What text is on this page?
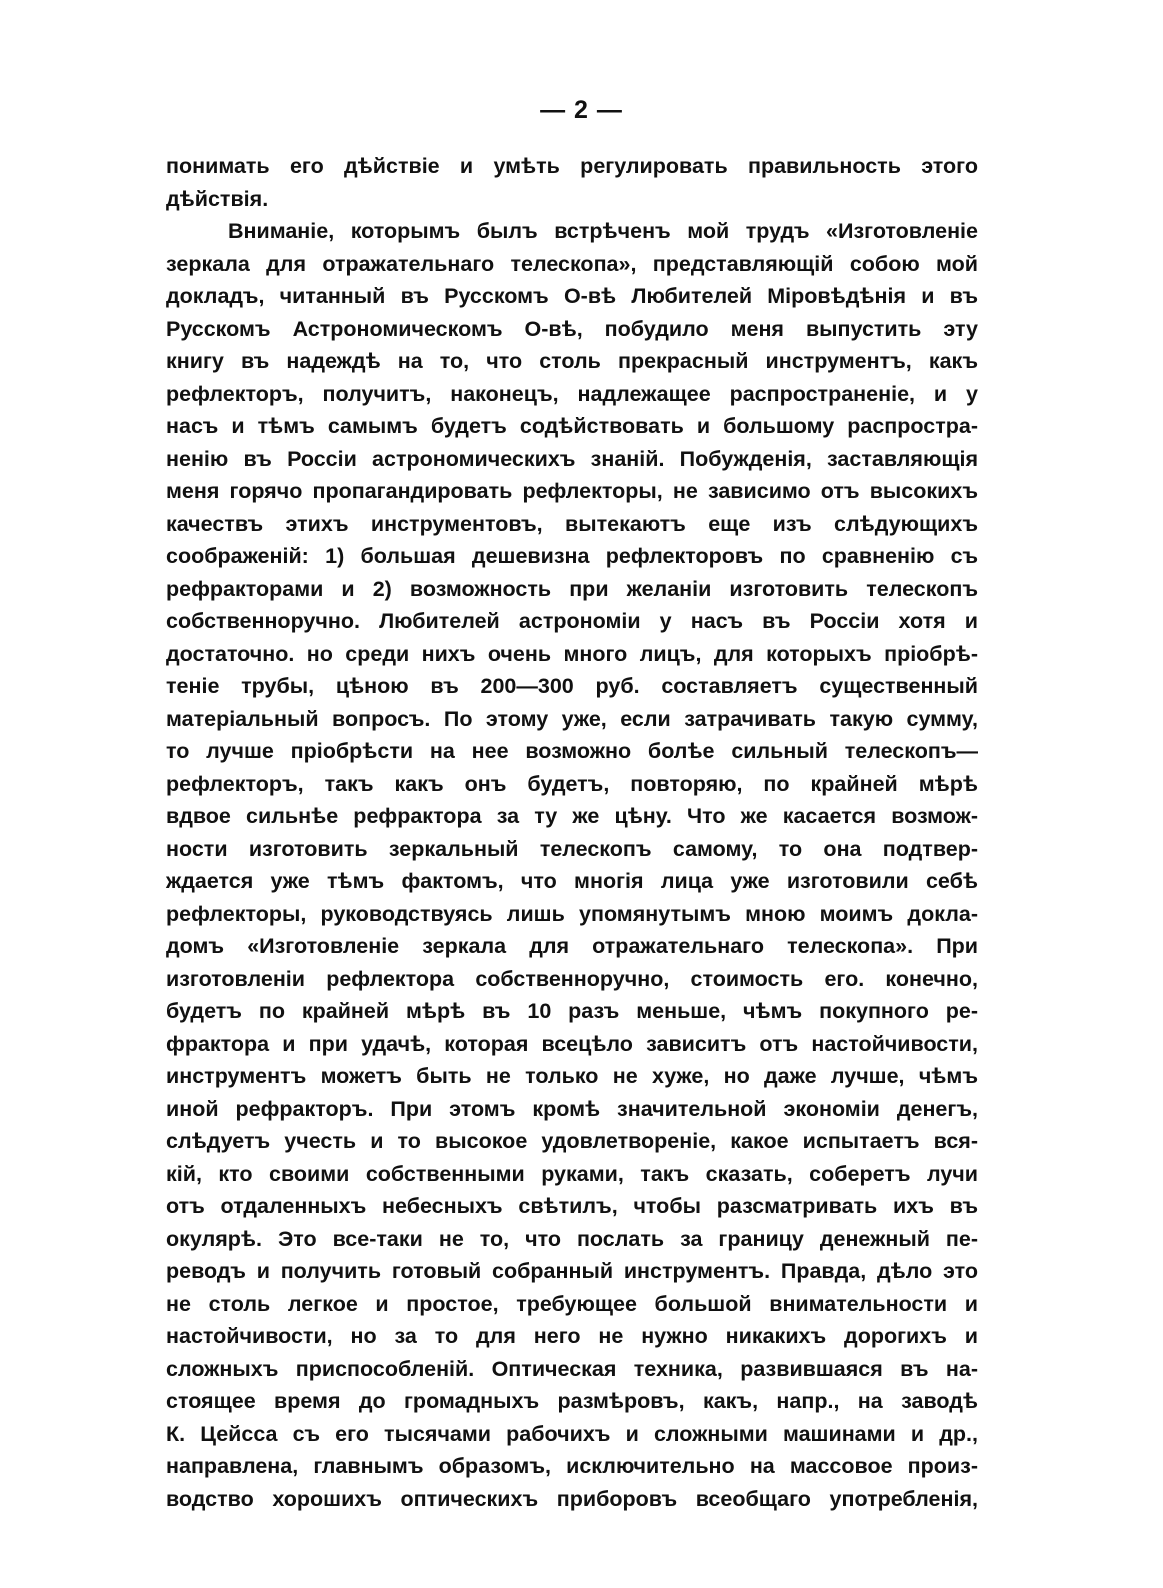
— 2 —
понимать его дѣйствіе и умѣть регулировать правильность этого
дѣйствія.
Вниманіе, которымъ былъ встрѣченъ мой трудъ «Изготовленіе
зеркала для отражательнаго телескопа», представляющій собою мой
докладъ, читанный въ Русскомъ О-вѣ Любителей Міровѣдѣнія и въ
Русскомъ Астрономическомъ О-вѣ, побудило меня выпустить эту
книгу въ надеждѣ на то, что столь прекрасный инструментъ, какъ
рефлекторъ, получитъ, наконецъ, надлежащее распространеніе, и у
насъ и тѣмъ самымъ будетъ содѣйствовать и большому распростра-
ненію въ Россіи астрономическихъ знаній. Побужденія, заставляющія
меня горячо пропагандировать рефлекторы, не зависимо отъ высокихъ
качествъ этихъ инструментовъ, вытекаютъ еще изъ слѣдующихъ
соображеній: 1) большая дешевизна рефлекторовъ по сравненію съ
рефракторами и 2) возможность при желаніи изготовить телескопъ
собственноручно. Любителей астрономіи у насъ въ Россіи хотя и
достаточно. но среди нихъ очень много лицъ, для которыхъ пріобрѣ-
теніе трубы, цѣною въ 200—300 руб. составляетъ существенный
матеріальный вопросъ. По этому уже, если затрачивать такую сумму,
то лучше пріобрѣсти на нее возможно болѣе сильный телескопъ—
рефлекторъ, такъ какъ онъ будетъ, повторяю, по крайней мѣрѣ
вдвое сильнѣе рефрактора за ту же цѣну. Что же касается возмож-
ности изготовить зеркальный телескопъ самому, то она подтвер-
ждается уже тѣмъ фактомъ, что многія лица уже изготовили себѣ
рефлекторы, руководствуясь лишь упомянутымъ мною моимъ докла-
домъ «Изготовленіе зеркала для отражательнаго телескопа». При
изготовленіи рефлектора собственноручно, стоимость его. конечно,
будетъ по крайней мѣрѣ въ 10 разъ меньше, чѣмъ покупного ре-
фрактора и при удачѣ, которая всецѣло зависитъ отъ настойчивости,
инструментъ можетъ быть не только не хуже, но даже лучше, чѣмъ
иной рефракторъ. При этомъ кромѣ значительной экономіи денегъ,
слѣдуетъ учесть и то высокое удовлетвореніе, какое испытаетъ вся-
кій, кто своими собственными руками, такъ сказать, соберетъ лучи
отъ отдаленныхъ небесныхъ свѣтилъ, чтобы разсматривать ихъ въ
окулярѣ. Это все-таки не то, что послать за границу денежный пе-
реводъ и получить готовый собранный инструментъ. Правда, дѣло это
не столь легкое и простое, требующее большой внимательности и
настойчивости, но за то для него не нужно никакихъ дорогихъ и
сложныхъ приспособленій. Оптическая техника, развившаяся въ на-
стоящее время до громадныхъ размѣровъ, какъ, напр., на заводѣ
К. Цейсса съ его тысячами рабочихъ и сложными машинами и др.,
направлена, главнымъ образомъ, исключительно на массовое произ-
водство хорошихъ оптическихъ приборовъ всеобщаго употребленія,
